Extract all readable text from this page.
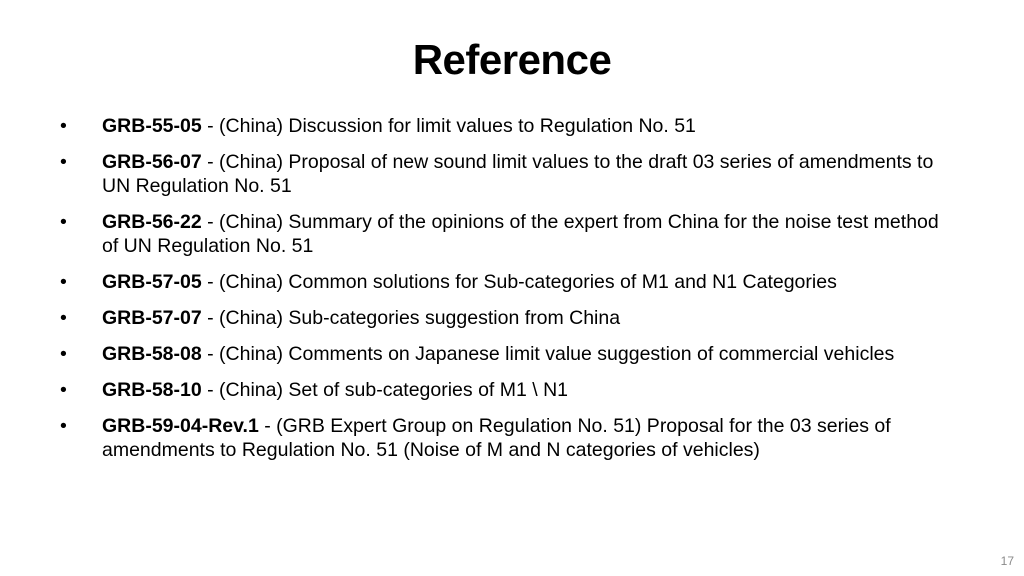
Reference
•	GRB-55-05 - (China) Discussion for limit values to Regulation No. 51
•	GRB-56-07 - (China) Proposal of new sound limit values to the draft 03 series of amendments to UN Regulation No. 51
•	GRB-56-22 - (China) Summary of the opinions of the expert from China for the noise test method of UN Regulation No. 51
•	GRB-57-05 - (China) Common solutions for Sub-categories of M1 and N1 Categories
•	GRB-57-07 - (China) Sub-categories suggestion from China
•	GRB-58-08 - (China) Comments on Japanese limit value suggestion of commercial vehicles
•	GRB-58-10 - (China) Set of sub-categories of M1 \ N1
•	GRB-59-04-Rev.1 - (GRB Expert Group on Regulation No. 51) Proposal for the 03 series of amendments to Regulation No. 51 (Noise of M and N categories of vehicles)
17
